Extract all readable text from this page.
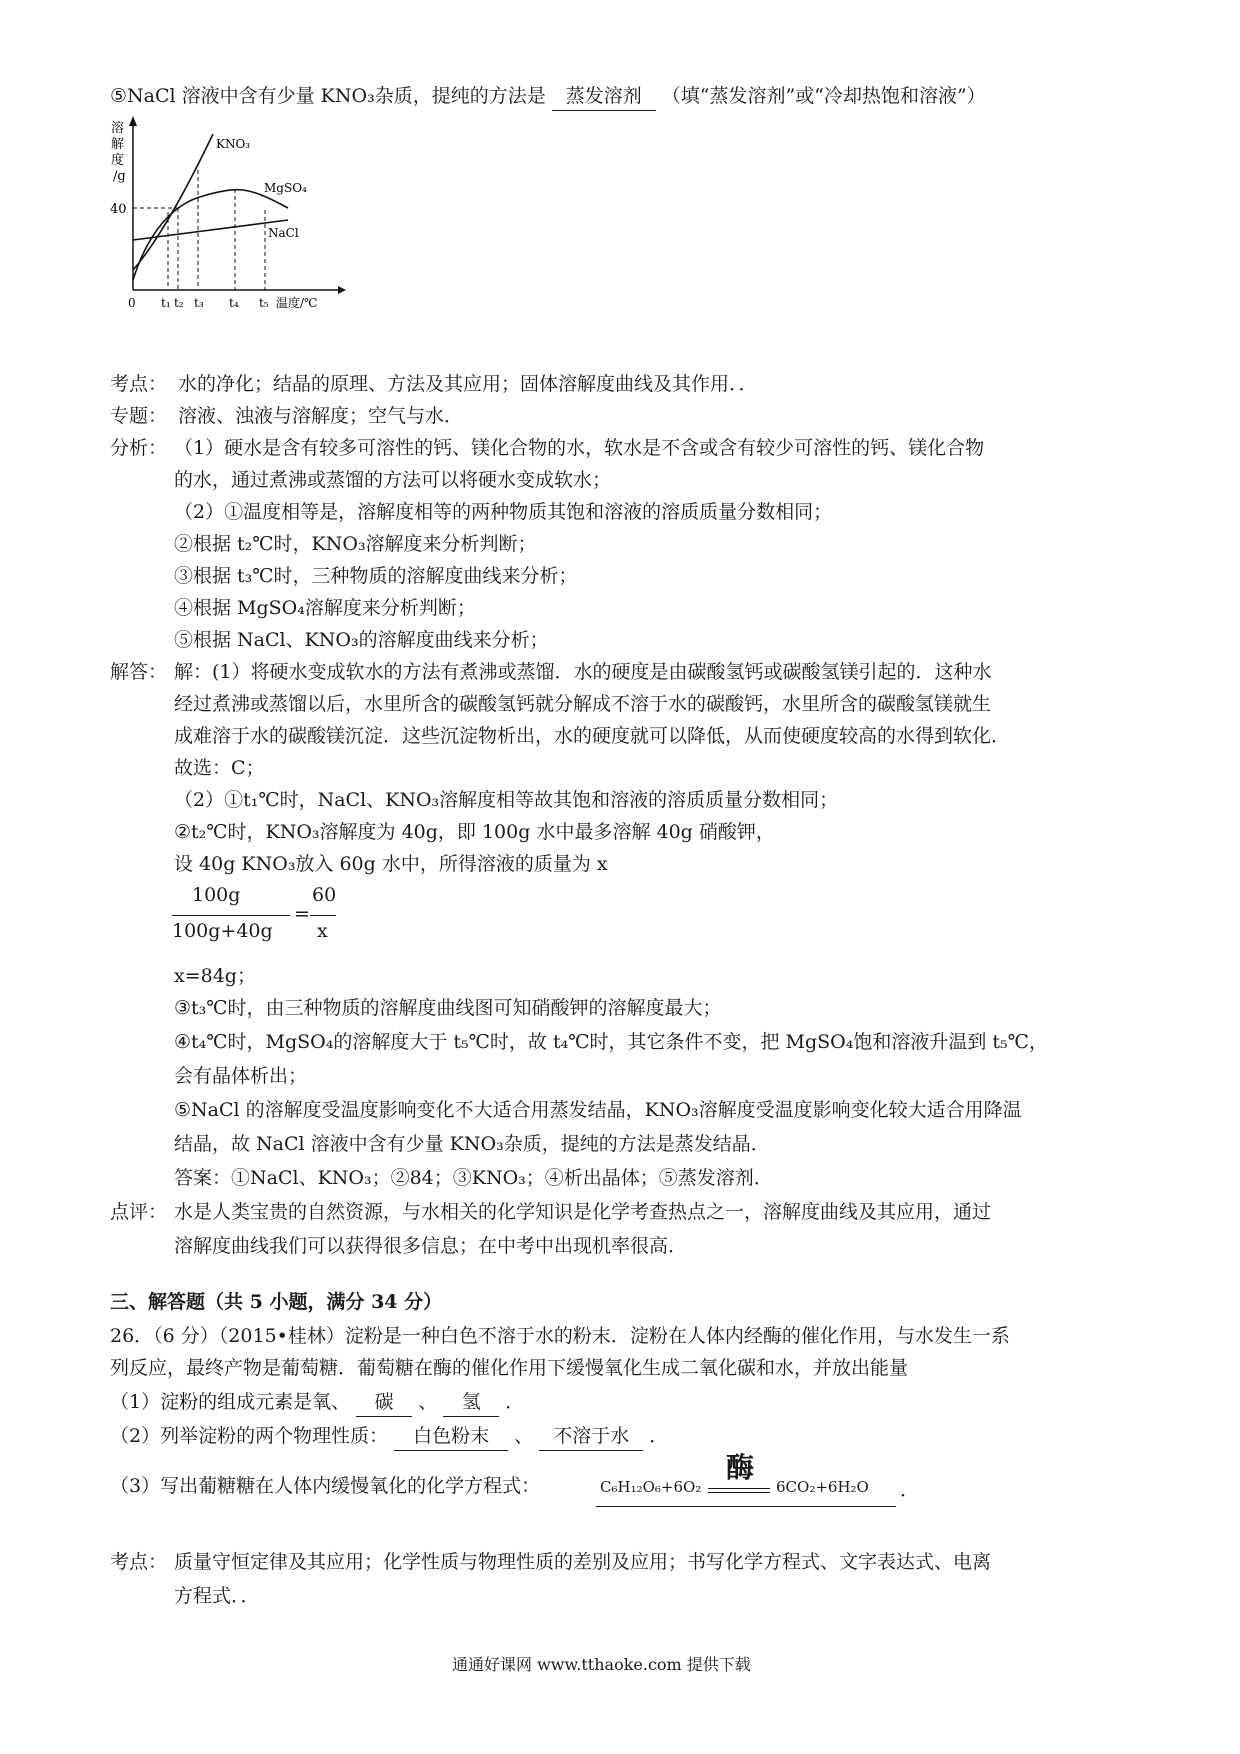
⑤NaCl 溶液中含有少量 KNO₃杂质，提纯的方法是 蒸发溶剂 （填“蒸发溶剂”或“冷却热饱和溶液”）
溶
解
度
/g
40
KNO₃
MgSO₄
NaCl
0 t₁ t₂ t₃ t₄ t₅ 温度/℃
考点： 水的净化；结晶的原理、方法及其应用；固体溶解度曲线及其作用．．
专题： 溶液、浊液与溶解度；空气与水．
分析： （1）硬水是含有较多可溶性的钙、镁化合物的水，软水是不含或含有较少可溶性的钙、镁化合物
的水，通过煮沸或蒸馏的方法可以将硬水变成软水；
（2）①温度相等是，溶解度相等的两种物质其饱和溶液的溶质质量分数相同；
②根据 t₂℃时，KNO₃溶解度来分析判断；
③根据 t₃℃时，三种物质的溶解度曲线来分析；
④根据 MgSO₄溶解度来分析判断；
⑤根据 NaCl、KNO₃的溶解度曲线来分析；
解答： 解：(1）将硬水变成软水的方法有煮沸或蒸馏．水的硬度是由碳酸氢钙或碳酸氢镁引起的．这种水
经过煮沸或蒸馏以后，水里所含的碳酸氢钙就分解成不溶于水的碳酸钙，水里所含的碳酸氢镁就生
成难溶于水的碳酸镁沉淀．这些沉淀物析出，水的硬度就可以降低，从而使硬度较高的水得到软化．
故选：C；
（2）①t₁℃时，NaCl、KNO₃溶解度相等故其饱和溶液的溶质质量分数相同；
②t₂℃时，KNO₃溶解度为 40g，即 100g 水中最多溶解 40g 硝酸钾，
设 40g KNO₃放入 60g 水中，所得溶液的质量为 x
100g
100g+40g
=
60
x
x=84g；
③t₃℃时，由三种物质的溶解度曲线图可知硝酸钾的溶解度最大；
④t₄℃时，MgSO₄的溶解度大于 t₅℃时，故 t₄℃时，其它条件不变，把 MgSO₄饱和溶液升温到 t₅℃，
会有晶体析出；
⑤NaCl 的溶解度受温度影响变化不大适合用蒸发结晶，KNO₃溶解度受温度影响变化较大适合用降温
结晶，故 NaCl 溶液中含有少量 KNO₃杂质，提纯的方法是蒸发结晶．
答案：①NaCl、KNO₃；②84；③KNO₃；④析出晶体；⑤蒸发溶剂．
点评： 水是人类宝贵的自然资源，与水相关的化学知识是化学考查热点之一，溶解度曲线及其应用，通过
溶解度曲线我们可以获得很多信息；在中考中出现机率很高．
三、解答题（共 5 小题，满分 34 分）
26．（6 分）（2015•桂林）淀粉是一种白色不溶于水的粉末．淀粉在人体内经酶的催化作用，与水发生一系
列反应，最终产物是葡萄糖．葡萄糖在酶的催化作用下缓慢氧化生成二氧化碳和水，并放出能量
（1）淀粉的组成元素是氧、 碳 、 氢 ．
（2）列举淀粉的两个物理性质： 白色粉末 、 不溶于水 ．
（3）写出葡糖糖在人体内缓慢氧化的化学方程式：	C₆H₁₂O₆+6O₂
酶
6CO₂+6H₂O ．
考点： 质量守恒定律及其应用；化学性质与物理性质的差别及应用；书写化学方程式、文字表达式、电离
方程式．．
通通好课网 www.tthaoke.com 提供下载
